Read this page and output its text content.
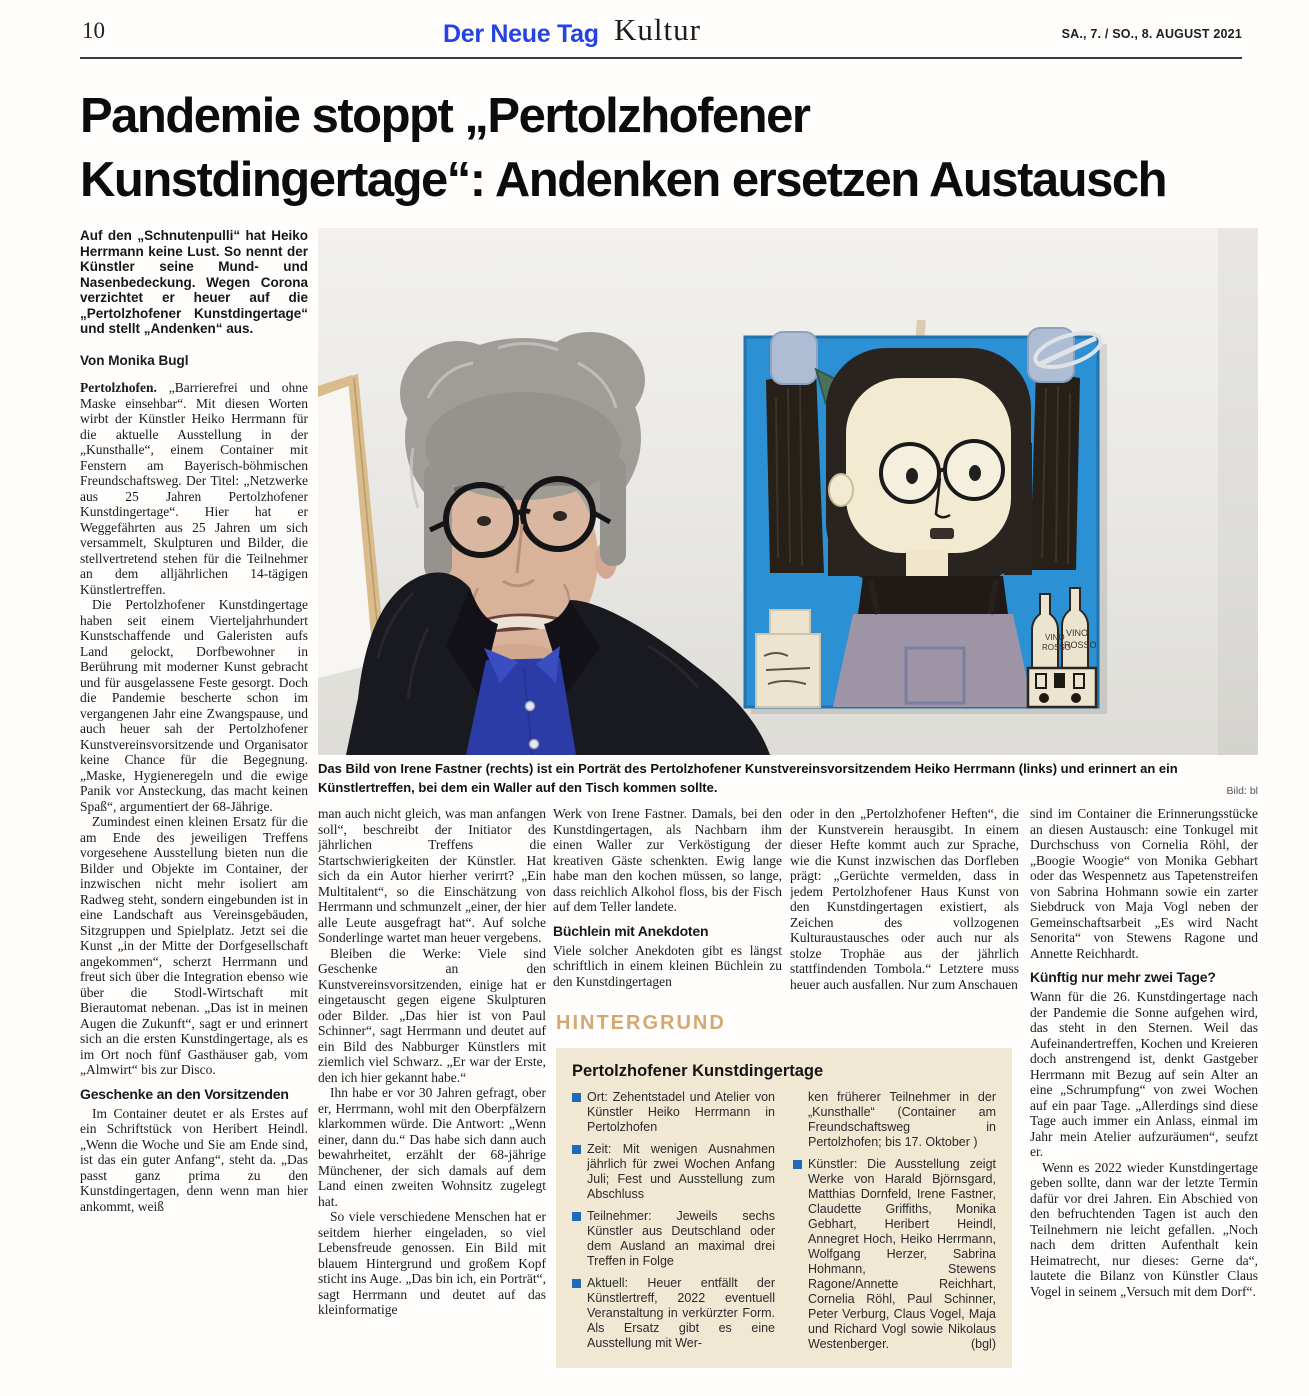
10	Der Neue Tag Kultur	SA., 7. / SO., 8. AUGUST 2021
Pandemie stoppt „Pertolzhofener
Kunstdingertage“: Andenken ersetzen Austausch

Auf den „Schnutenpulli“ hat Heiko Herrmann keine Lust. So nennt der Künstler seine Mund- und Nasenbedeckung. Wegen Corona verzichtet er heuer auf die „Pertolzhofener Kunstdingertage“ und stellt „Andenken“ aus.

Von Monika Bugl

Pertolzhofen. „Barrierefrei und ohne Maske einsehbar“. Mit diesen Worten wirbt der Künstler Heiko Herrmann für die aktuelle Ausstellung in der „Kunsthalle“, einem Container mit Fenstern am Bayerisch-böhmischen Freundschaftsweg. Der Titel: „Netzwerke aus 25 Jahren Pertolzhofener Kunstdingertage“. Hier hat er Weggefährten aus 25 Jahren um sich versammelt, Skulpturen und Bilder, die stellvertretend stehen für die Teilnehmer an dem alljährlichen 14-tägigen Künstlertreffen.

Die Pertolzhofener Kunstdingertage haben seit einem Vierteljahrhundert Kunstschaffende und Galeristen aufs Land gelockt, Dorfbewohner in Berührung mit moderner Kunst gebracht und für ausgelassene Feste gesorgt. Doch die Pandemie bescherte schon im vergangenen Jahr eine Zwangspause, und auch heuer sah der Pertolzhofener Kunstvereinsvorsitzende und Organisator keine Chance für die Begegnung. „Maske, Hygieneregeln und die ewige Panik vor Ansteckung, das macht keinen Spaß“, argumentiert der 68-Jährige.

Zumindest einen kleinen Ersatz für die am Ende des jeweiligen Treffens vorgesehene Ausstellung bieten nun die Bilder und Objekte im Container, der inzwischen nicht mehr isoliert am Radweg steht, sondern eingebunden ist in eine Landschaft aus Vereinsgebäuden, Sitzgruppen und Spielplatz. Jetzt sei die Kunst „in der Mitte der Dorfgesellschaft angekommen“, scherzt Herrmann und freut sich über die Integration ebenso wie über die Stodl-Wirtschaft mit Bierautomat nebenan. „Das ist in meinen Augen die Zukunft“, sagt er und erinnert sich an die ersten Kunstdingertage, als es im Ort noch fünf Gasthäuser gab, vom „Almwirt“ bis zur Disco.

Geschenke an den Vorsitzenden

Im Container deutet er als Erstes auf ein Schriftstück von Heribert Heindl. „Wenn die Woche und Sie am Ende sind, ist das ein guter Anfang“, steht da. „Das passt ganz prima zu den Kunstdingertagen, denn wenn man hier ankommt, weiß

VINO
ROSSO
VINO
ROSSO
Das Bild von Irene Fastner (rechts) ist ein Porträt des Pertolzhofener Kunstvereinsvorsitzendem Heiko Herrmann (links) und erinnert an ein Künstlertreffen, bei dem ein Waller auf den Tisch kommen sollte.	Bild: bl

man auch nicht gleich, was man anfangen soll“, beschreibt der Initiator des jährlichen Treffens die Startschwierigkeiten der Künstler. Hat sich da ein Autor hierher verirrt? „Ein Multitalent“, so die Einschätzung von Herrmann und schmunzelt „einer, der hier alle Leute ausgefragt hat“. Auf solche Sonderlinge wartet man heuer vergebens.

Bleiben die Werke: Viele sind Geschenke an den Kunstvereinsvorsitzenden, einige hat er eingetauscht gegen eigene Skulpturen oder Bilder. „Das hier ist von Paul Schinner“, sagt Herrmann und deutet auf ein Bild des Nabburger Künstlers mit ziemlich viel Schwarz. „Er war der Erste, den ich hier gekannt habe.“

Ihn habe er vor 30 Jahren gefragt, ober er, Herrmann, wohl mit den Oberpfälzern klarkommen würde. Die Antwort: „Wenn einer, dann du.“ Das habe sich dann auch bewahrheitet, erzählt der 68-jährige Münchener, der sich damals auf dem Land einen zweiten Wohnsitz zugelegt hat.

So viele verschiedene Menschen hat er seitdem hierher eingeladen, so viel Lebensfreude genossen. Ein Bild mit blauem Hintergrund und großem Kopf sticht ins Auge. „Das bin ich, ein Porträt“, sagt Herrmann und deutet auf das kleinformatige

Werk von Irene Fastner. Damals, bei den Kunstdingertagen, als Nachbarn ihm einen Waller zur Verköstigung der kreativen Gäste schenkten. Ewig lange habe man den kochen müssen, so lange, dass reichlich Alkohol floss, bis der Fisch auf dem Teller landete.

Büchlein mit Anekdoten

Viele solcher Anekdoten gibt es längst schriftlich in einem kleinen Büchlein zu den Kunstdingertagen

oder in den „Pertolzhofener Heften“, die der Kunstverein herausgibt. In einem dieser Hefte kommt auch zur Sprache, wie die Kunst inzwischen das Dorfleben prägt: „Gerüchte vermelden, dass in jedem Pertolzhofener Haus Kunst von den Kunstdingertagen existiert, als Zeichen des vollzogenen Kulturaustausches oder auch nur als stolze Trophäe aus der jährlich stattfindenden Tombola.“ Letztere muss heuer auch ausfallen. Nur zum Anschauen

sind im Container die Erinnerungsstücke an diesen Austausch: eine Tonkugel mit Durchschuss von Cornelia Röhl, der „Boogie Woogie“ von Monika Gebhart oder das Wespennetz aus Tapetenstreifen von Sabrina Hohmann sowie ein zarter Siebdruck von Maja Vogl neben der Gemeinschaftsarbeit „Es wird Nacht Senorita“ von Stewens Ragone und Annette Reichhardt.

Künftig nur mehr zwei Tage?

Wann für die 26. Kunstdingertage nach der Pandemie die Sonne aufgehen wird, das steht in den Sternen. Weil das Aufeinandertreffen, Kochen und Kreieren doch anstrengend ist, denkt Gastgeber Herrmann mit Bezug auf sein Alter an eine „Schrumpfung“ von zwei Wochen auf ein paar Tage. „Allerdings sind diese Tage auch immer ein Anlass, einmal im Jahr mein Atelier aufzuräumen“, seufzt er.

Wenn es 2022 wieder Kunstdingertage geben sollte, dann war der letzte Termin dafür vor drei Jahren. Ein Abschied von den befruchtenden Tagen ist auch den Teilnehmern nie leicht gefallen. „Noch nach dem dritten Aufenthalt kein Heimatrecht, nur dieses: Gerne da“, lautete die Bilanz von Künstler Claus Vogel in seinem „Versuch mit dem Dorf“.

HINTERGRUND
Pertolzhofener Kunstdingertage
Ort: Zehentstadel und Atelier von Künstler Heiko Herrmann in Pertolzhofen
Zeit: Mit wenigen Ausnahmen jährlich für zwei Wochen Anfang Juli; Fest und Ausstellung zum Abschluss
Teilnehmer: Jeweils sechs Künstler aus Deutschland oder dem Ausland an maximal drei Treffen in Folge
Aktuell: Heuer entfällt der Künstlertreff, 2022 eventuell Veranstaltung in verkürzter Form. Als Ersatz gibt es eine Ausstellung mit Wer-
ken früherer Teilnehmer in der „Kunsthalle“ (Container am Freundschaftsweg in Pertolzhofen; bis 17. Oktober )
Künstler: Die Ausstellung zeigt Werke von Harald Björnsgard, Matthias Dornfeld, Irene Fastner, Claudette Griffiths, Monika Gebhart, Heribert Heindl, Annegret Hoch, Heiko Herrmann, Wolfgang Herzer, Sabrina Hohmann, Stewens Ragone/Annette Reichhart, Cornelia Röhl, Paul Schinner, Peter Verburg, Claus Vogel, Maja und Richard Vogl sowie Nikolaus Westenberger.	(bgl)
